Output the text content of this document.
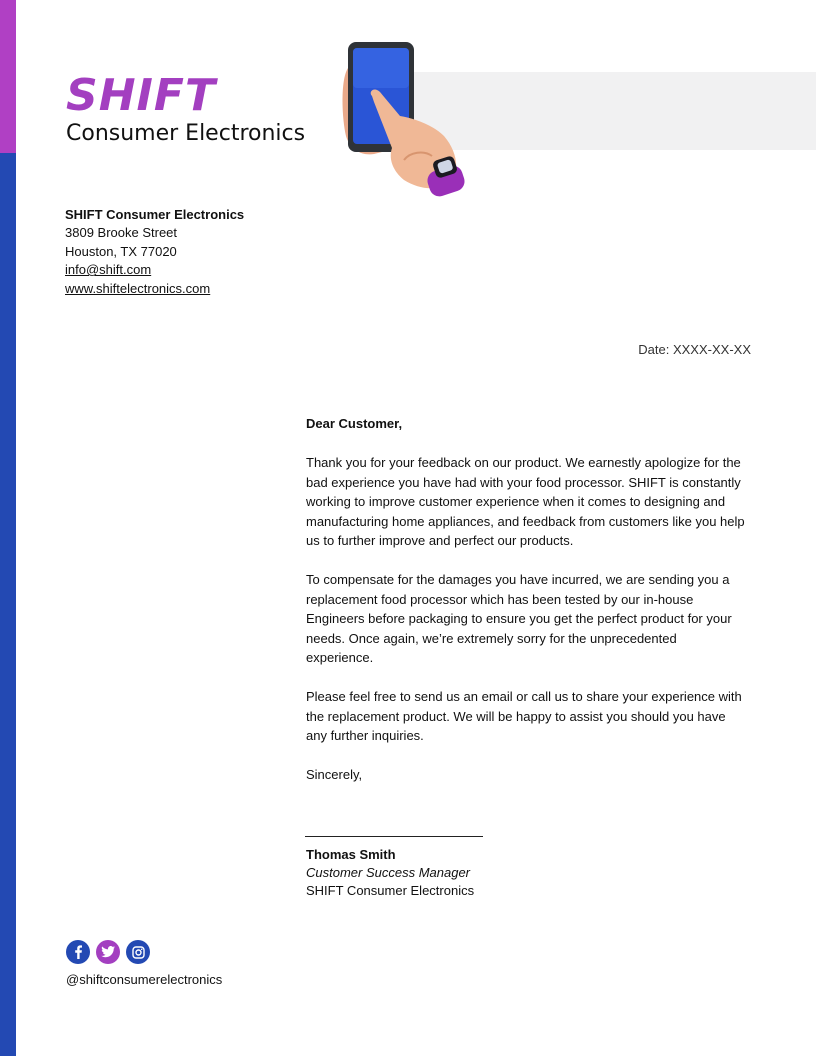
SHIFT
Consumer Electronics
SHIFT Consumer Electronics
3809 Brooke Street
Houston, TX 77020
info@shift.com
www.shiftelectronics.com
Date: XXXX-XX-XX
Dear Customer,

Thank you for your feedback on our product. We earnestly apologize for the bad experience you have had with your food processor. SHIFT is constantly working to improve customer experience when it comes to designing and manufacturing home appliances, and feedback from customers like you help us to further improve and perfect our products.

To compensate for the damages you have incurred, we are sending you a replacement food processor which has been tested by our in-house Engineers before packaging to ensure you get the perfect product for your needs. Once again, we’re extremely sorry for the unprecedented experience.

Please feel free to send us an email or call us to share your experience with the replacement product. We will be happy to assist you should you have any further inquiries.

Sincerely,

Thomas Smith
Customer Success Manager
SHIFT Consumer Electronics
@shiftconsumerelectronics
